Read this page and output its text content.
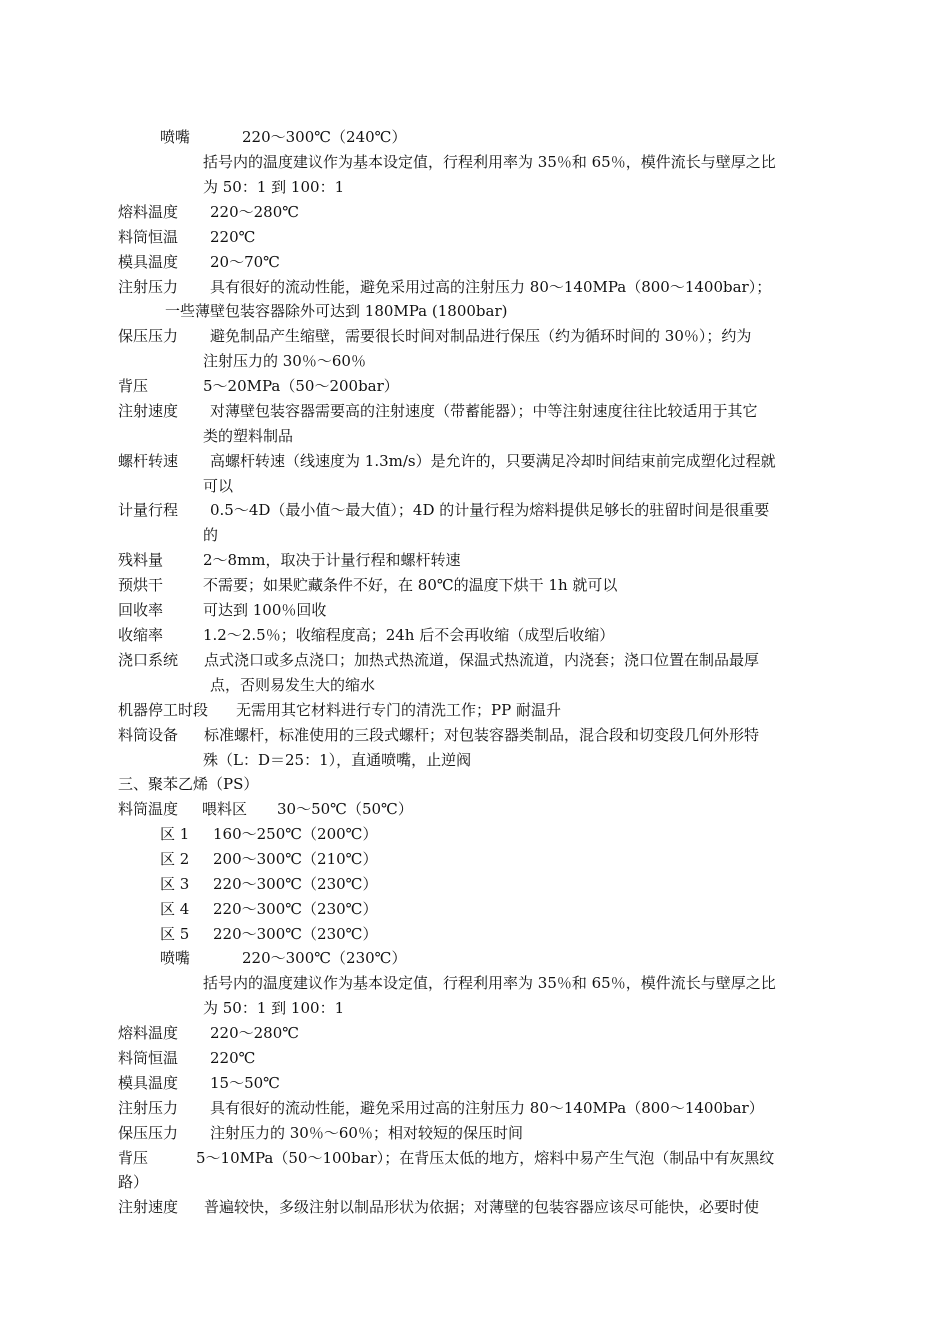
喷嘴	220～300℃（240℃）
括号内的温度建议作为基本设定值，行程利用率为 35％和 65％，模件流长与壁厚之比
为 50：1 到 100：1
熔料温度 220～280℃
料筒恒温 220℃
模具温度 20～70℃
注射压力 具有很好的流动性能，避免采用过高的注射压力 80～140MPa（800～1400bar）；
一些薄壁包装容器除外可达到 180MPa (1800bar)
保压压力 避免制品产生缩壁，需要很长时间对制品进行保压（约为循环时间的 30％）；约为
注射压力的 30％～60％
背压	5～20MPa（50～200bar）
注射速度 对薄壁包装容器需要高的注射速度（带蓄能器）；中等注射速度往往比较适用于其它
类的塑料制品
螺杆转速 高螺杆转速（线速度为 1.3m/s）是允许的，只要满足冷却时间结束前完成塑化过程就
可以
计量行程 0.5～4D（最小值～最大值）；4D 的计量行程为熔料提供足够长的驻留时间是很重要
的
残料量	2～8mm，取决于计量行程和螺杆转速
预烘干	不需要；如果贮藏条件不好，在 80℃的温度下烘干 1h 就可以
回收率	可达到 100％回收
收缩率	1.2～2.5％；收缩程度高；24h 后不会再收缩（成型后收缩）
浇口系统 点式浇口或多点浇口；加热式热流道，保温式热流道，内浇套；浇口位置在制品最厚
点，否则易发生大的缩水
机器停工时段 无需用其它材料进行专门的清洗工作；PP 耐温升
料筒设备 标准螺杆，标准使用的三段式螺杆；对包装容器类制品，混合段和切变段几何外形特
殊（L：D＝25：1），直通喷嘴，止逆阀
三、聚苯乙烯（PS）
料筒温度 喂料区 30～50℃（50℃）
区 1 160～250℃（200℃）
区 2 200～300℃（210℃）
区 3 220～300℃（230℃）
区 4 220～300℃（230℃）
区 5 220～300℃（230℃）
喷嘴	220～300℃（230℃）
括号内的温度建议作为基本设定值，行程利用率为 35％和 65％，模件流长与壁厚之比
为 50：1 到 100：1
熔料温度 220～280℃
料筒恒温 220℃
模具温度 15～50℃
注射压力 具有很好的流动性能，避免采用过高的注射压力 80～140MPa（800～1400bar）
保压压力 注射压力的 30％～60％；相对较短的保压时间
背压	5～10MPa（50～100bar）；在背压太低的地方，熔料中易产生气泡（制品中有灰黑纹
路）
注射速度 普遍较快，多级注射以制品形状为依据；对薄壁的包装容器应该尽可能快，必要时使
